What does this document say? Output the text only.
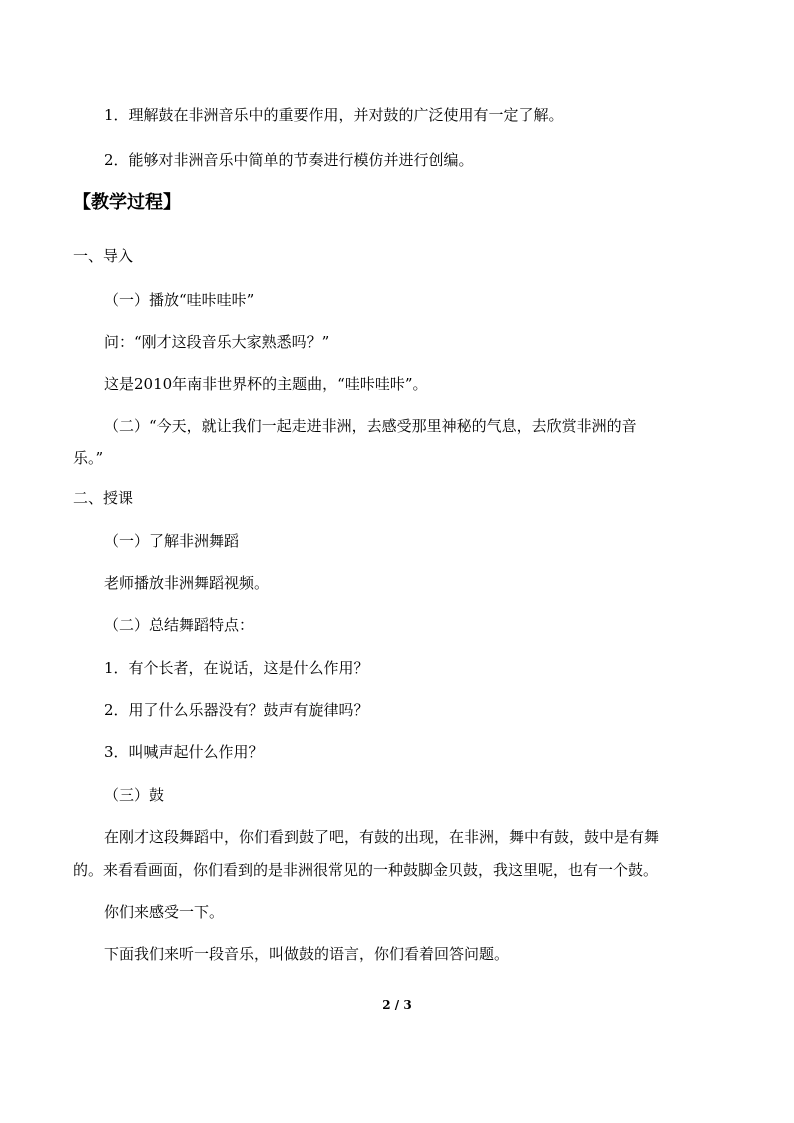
1．理解鼓在非洲音乐中的重要作用，并对鼓的广泛使用有一定了解。
2．能够对非洲音乐中简单的节奏进行模仿并进行创编。
【教学过程】
一、导入
（一）播放“哇咔哇咔”
问：“刚才这段音乐大家熟悉吗？”
这是2010年南非世界杯的主题曲，“哇咔哇咔”。
（二）“今天，就让我们一起走进非洲，去感受那里神秘的气息，去欣赏非洲的音
乐。”
二、授课
（一）了解非洲舞蹈
老师播放非洲舞蹈视频。
（二）总结舞蹈特点：
1．有个长者，在说话，这是什么作用？
2．用了什么乐器没有？鼓声有旋律吗？
3．叫喊声起什么作用？
（三）鼓
在刚才这段舞蹈中，你们看到鼓了吧，有鼓的出现，在非洲，舞中有鼓，鼓中是有舞
的。来看看画面，你们看到的是非洲很常见的一种鼓脚金贝鼓，我这里呢，也有一个鼓。
你们来感受一下。
下面我们来听一段音乐，叫做鼓的语言，你们看着回答问题。
2 / 3
